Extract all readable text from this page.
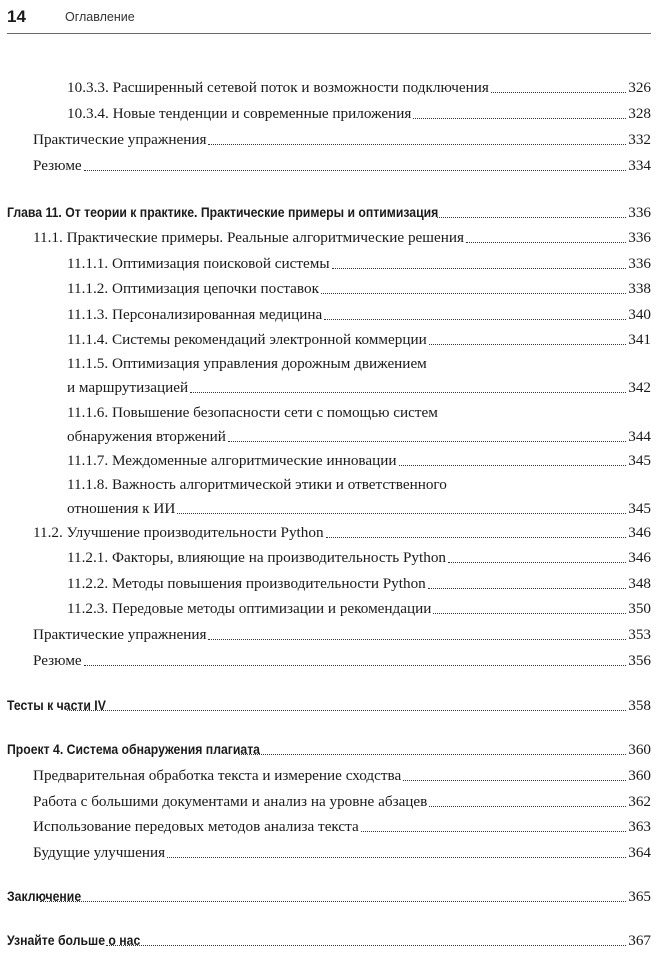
14	Оглавление
10.3.3. Расширенный сетевой поток и возможности подключения	326
10.3.4. Новые тенденции и современные приложения	328
Практические упражнения	332
Резюме	334
Глава 11. От теории к практике. Практические примеры и оптимизация	336
11.1. Практические примеры. Реальные алгоритмические решения	336
11.1.1. Оптимизация поисковой системы	336
11.1.2. Оптимизация цепочки поставок	338
11.1.3. Персонализированная медицина	340
11.1.4. Системы рекомендаций электронной коммерции	341
11.1.5. Оптимизация управления дорожным движением
и маршрутизацией	342
11.1.6. Повышение безопасности сети с помощью систем
обнаружения вторжений	344
11.1.7. Междоменные алгоритмические инновации	345
11.1.8. Важность алгоритмической этики и ответственного
отношения к ИИ	345
11.2. Улучшение производительности Python	346
11.2.1. Факторы, влияющие на производительность Python	346
11.2.2. Методы повышения производительности Python	348
11.2.3. Передовые методы оптимизации и рекомендации	350
Практические упражнения	353
Резюме	356
Тесты к части IV	358
Проект 4. Система обнаружения плагиата	360
Предварительная обработка текста и измерение сходства	360
Работа с большими документами и анализ на уровне абзацев	362
Использование передовых методов анализа текста	363
Будущие улучшения	364
Заключение	365
Узнайте больше о нас	367
